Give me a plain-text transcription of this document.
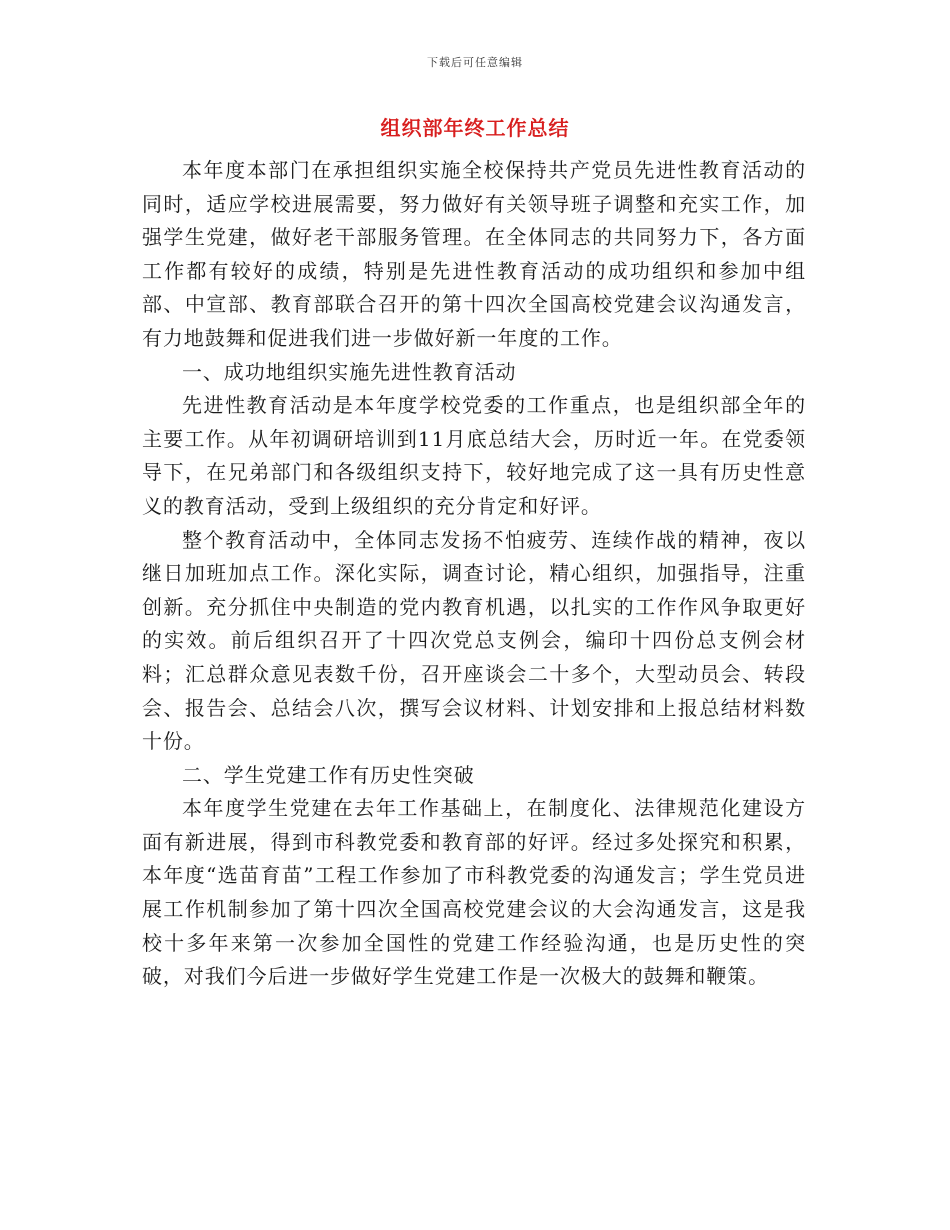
下载后可任意编辑
组织部年终工作总结

本年度本部门在承担组织实施全校保持共产党员先进性教育活动的同时，适应学校进展需要，努力做好有关领导班子调整和充实工作，加强学生党建，做好老干部服务管理。在全体同志的共同努力下，各方面工作都有较好的成绩，特别是先进性教育活动的成功组织和参加中组部、中宣部、教育部联合召开的第十四次全国高校党建会议沟通发言，有力地鼓舞和促进我们进一步做好新一年度的工作。

一、成功地组织实施先进性教育活动

先进性教育活动是本年度学校党委的工作重点，也是组织部全年的主要工作。从年初调研培训到11月底总结大会，历时近一年。在党委领导下，在兄弟部门和各级组织支持下，较好地完成了这一具有历史性意义的教育活动，受到上级组织的充分肯定和好评。

整个教育活动中，全体同志发扬不怕疲劳、连续作战的精神，夜以继日加班加点工作。深化实际，调查讨论，精心组织，加强指导，注重创新。充分抓住中央制造的党内教育机遇，以扎实的工作作风争取更好的实效。前后组织召开了十四次党总支例会，编印十四份总支例会材料；汇总群众意见表数千份，召开座谈会二十多个，大型动员会、转段会、报告会、总结会八次，撰写会议材料、计划安排和上报总结材料数十份。

二、学生党建工作有历史性突破

本年度学生党建在去年工作基础上，在制度化、法律规范化建设方面有新进展，得到市科教党委和教育部的好评。经过多处探究和积累，本年度“选苗育苗”工程工作参加了市科教党委的沟通发言；学生党员进展工作机制参加了第十四次全国高校党建会议的大会沟通发言，这是我校十多年来第一次参加全国性的党建工作经验沟通，也是历史性的突破，对我们今后进一步做好学生党建工作是一次极大的鼓舞和鞭策。
